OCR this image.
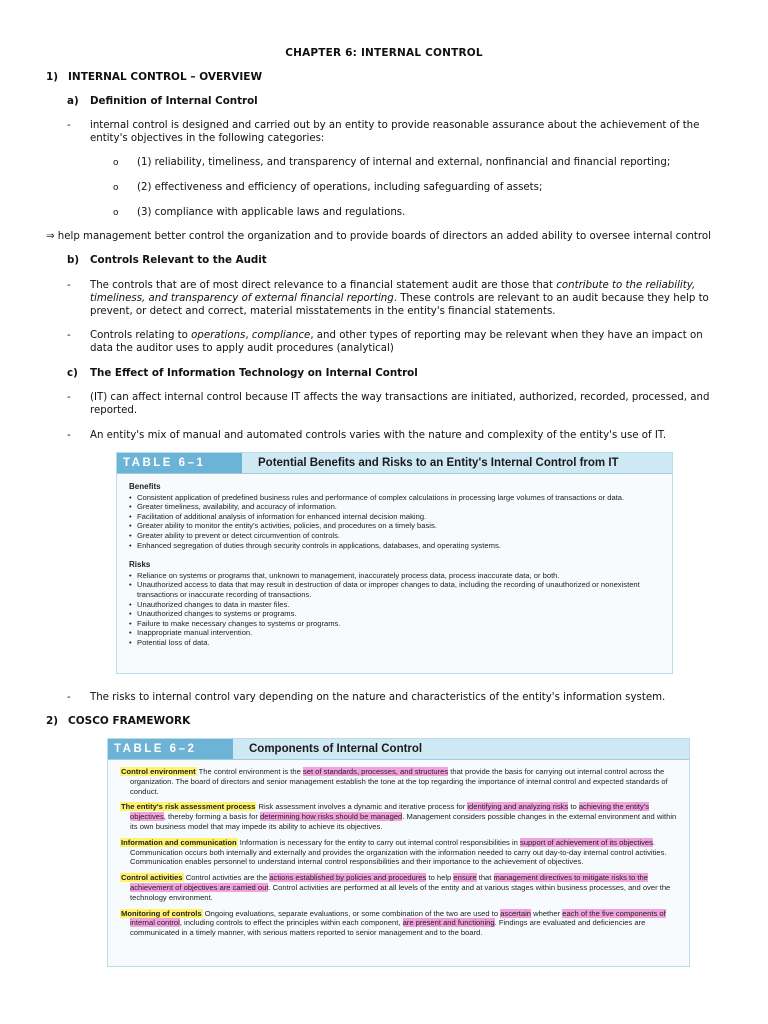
CHAPTER 6: INTERNAL CONTROL
1) INTERNAL CONTROL – OVERVIEW
a) Definition of Internal Control
-	internal control is designed and carried out by an entity to provide reasonable assurance about the achievement of the entity's objectives in the following categories:
o (1) reliability, timeliness, and transparency of internal and external, nonfinancial and financial reporting;
o (2) effectiveness and efficiency of operations, including safeguarding of assets;
o (3) compliance with applicable laws and regulations.
⇒ help management better control the organization and to provide boards of directors an added ability to oversee internal control
b) Controls Relevant to the Audit
-	The controls that are of most direct relevance to a financial statement audit are those that contribute to the reliability, timeliness, and transparency of external financial reporting. These controls are relevant to an audit because they help to prevent, or detect and correct, material misstatements in the entity's financial statements.
-	Controls relating to operations, compliance, and other types of reporting may be relevant when they have an impact on data the auditor uses to apply audit procedures (analytical)
c) The Effect of Information Technology on Internal Control
-	(IT) can affect internal control because IT affects the way transactions are initiated, authorized, recorded, processed, and reported.
-	An entity's mix of manual and automated controls varies with the nature and complexity of the entity's use of IT.
TABLE 6–1	Potential Benefits and Risks to an Entity's Internal Control from IT
Benefits
• Consistent application of predefined business rules and performance of complex calculations in processing large volumes of transactions or data.
• Greater timeliness, availability, and accuracy of information.
• Facilitation of additional analysis of information for enhanced internal decision making.
• Greater ability to monitor the entity's activities, policies, and procedures on a timely basis.
• Greater ability to prevent or detect circumvention of controls.
• Enhanced segregation of duties through security controls in applications, databases, and operating systems.
Risks
• Reliance on systems or programs that, unknown to management, inaccurately process data, process inaccurate data, or both.
• Unauthorized access to data that may result in destruction of data or improper changes to data, including the recording of unauthorized or nonexistent transactions or inaccurate recording of transactions.
• Unauthorized changes to data in master files.
• Unauthorized changes to systems or programs.
• Failure to make necessary changes to systems or programs.
• Inappropriate manual intervention.
• Potential loss of data.
-	The risks to internal control vary depending on the nature and characteristics of the entity's information system.
2) COSCO FRAMEWORK
TABLE 6–2	Components of Internal Control
Control environment The control environment is the set of standards, processes, and structures that provide the basis for carrying out internal control across the organization. The board of directors and senior management establish the tone at the top regarding the importance of internal control and expected standards of conduct.
The entity's risk assessment process Risk assessment involves a dynamic and iterative process for identifying and analyzing risks to achieving the entity's objectives, thereby forming a basis for determining how risks should be managed. Management considers possible changes in the external environment and within its own business model that may impede its ability to achieve its objectives.
Information and communication Information is necessary for the entity to carry out internal control responsibilities in support of achievement of its objectives. Communication occurs both internally and externally and provides the organization with the information needed to carry out day-to-day internal control activities. Communication enables personnel to understand internal control responsibilities and their importance to the achievement of objectives.
Control activities Control activities are the actions established by policies and procedures to help ensure that management directives to mitigate risks to the achievement of objectives are carried out. Control activities are performed at all levels of the entity and at various stages within business processes, and over the technology environment.
Monitoring of controls Ongoing evaluations, separate evaluations, or some combination of the two are used to ascertain whether each of the five components of internal control, including controls to effect the principles within each component, are present and functioning. Findings are evaluated and deficiencies are communicated in a timely manner, with serious matters reported to senior management and to the board.
